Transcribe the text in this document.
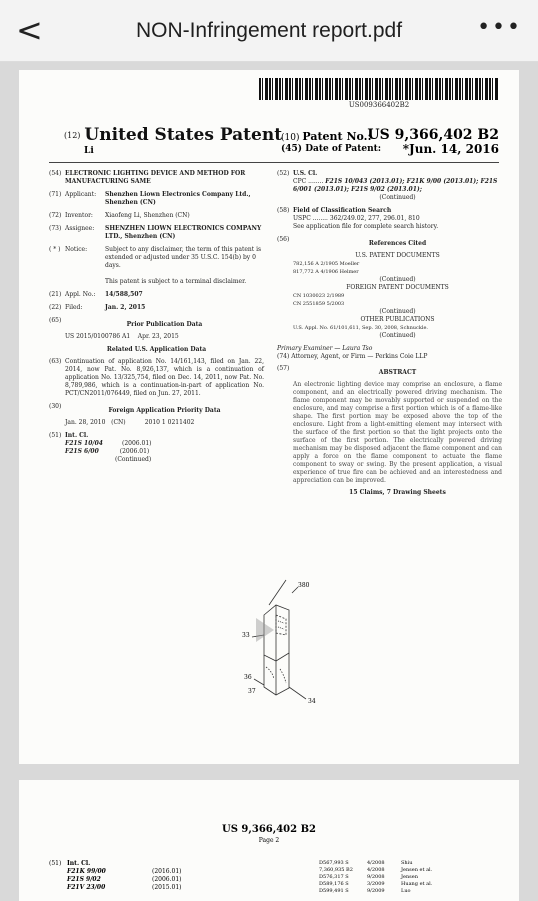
<	NON-Infringement report.pdf	•••
US009366402B2
(12) United States Patent
Li
(10) Patent No.:
US 9,366,402 B2
(45) Date of Patent: *Jun. 14, 2016
(54) ELECTRONIC LIGHTING DEVICE AND METHOD FOR MANUFACTURING SAME
(71) Applicant:	Shenzhen Liown Electronics Company Ltd., Shenzhen (CN)
(72) Inventor:	Xiaofeng Li, Shenzhen (CN)
(73) Assignee:	SHENZHEN LIOWN ELECTRONICS COMPANY LTD., Shenzhen (CN)
( * ) Notice:	Subject to any disclaimer, the term of this patent is extended or adjusted under 35 U.S.C. 154(b) by 0 days.

This patent is subject to a terminal disclaimer.
(21) Appl. No.:	14/588,507
(22) Filed:	Jan. 2, 2015
(65)
Prior Publication Data
US 2015/0100786 A1 Apr. 23, 2015
Related U.S. Application Data
(63) Continuation of application No. 14/161,143, filed on Jan. 22, 2014, now Pat. No. 8,926,137, which is a continuation of application No. 13/325,754, filed on Dec. 14, 2011, now Pat. No. 8,789,986, which is a continuation-in-part of application No. PCT/CN2011/076449, filed on Jun. 27, 2011.
(30)
Foreign Application Priority Data
Jan. 28, 2010 (CN)	2010 1 0211402
(51) Int. Cl.
F21S 10/04	(2006.01)
F21S 6/00	(2006.01)
(Continued)
(52) U.S. Cl.
CPC ........ F21S 10/043 (2013.01); F21K 9/00 (2013.01); F21S 6/001 (2013.01); F21S 9/02 (2013.01);
(Continued)
(58) Field of Classification Search
USPC ........ 362/249.02, 277, 296.01, 810
See application file for complete search history.
(56)
References Cited
U.S. PATENT DOCUMENTS
782,156 A 2/1905 Moeller
817,772 A 4/1906 Helmer
(Continued)
FOREIGN PATENT DOCUMENTS
CN 1030023 2/1989
CN 2551859 5/2003
(Continued)
OTHER PUBLICATIONS
U.S. Appl. No. 61/101,611, Sep. 30, 2008, Schnuckle.
(Continued)
Primary Examiner — Laura Tso
(74) Attorney, Agent, or Firm — Perkins Coie LLP
(57)
ABSTRACT
An electronic lighting device may comprise an enclosure, a flame component, and an electrically powered driving mechanism. The flame component may be movably supported or suspended on the enclosure, and may comprise a first portion which is of a flame-like shape. The first portion may be exposed above the top of the enclosure. Light from a light-emitting element may intersect with the surface of the first portion so that the light projects onto the surface of the first portion. The electrically powered driving mechanism may be disposed adjacent the flame component and can apply a force on the flame component to actuate the flame component to sway or swing. By the present application, a visual experience of true fire can be achieved and an interestedness and appreciation can be improved.
15 Claims, 7 Drawing Sheets
380
33
36
37
34
US 9,366,402 B2
Page 2
(51) Int. Cl.
F21K 99/00	(2016.01)
F21S 9/02	(2006.01)
F21V 23/00	(2015.01)
D567,993 S	4/2008	Shiu
7,360,935 B2	4/2008	Jensen et al.
D576,317 S	9/2008	Jensen
D589,176 S	3/2009	Huang et al.
D599,491 S	9/2009	Luo
